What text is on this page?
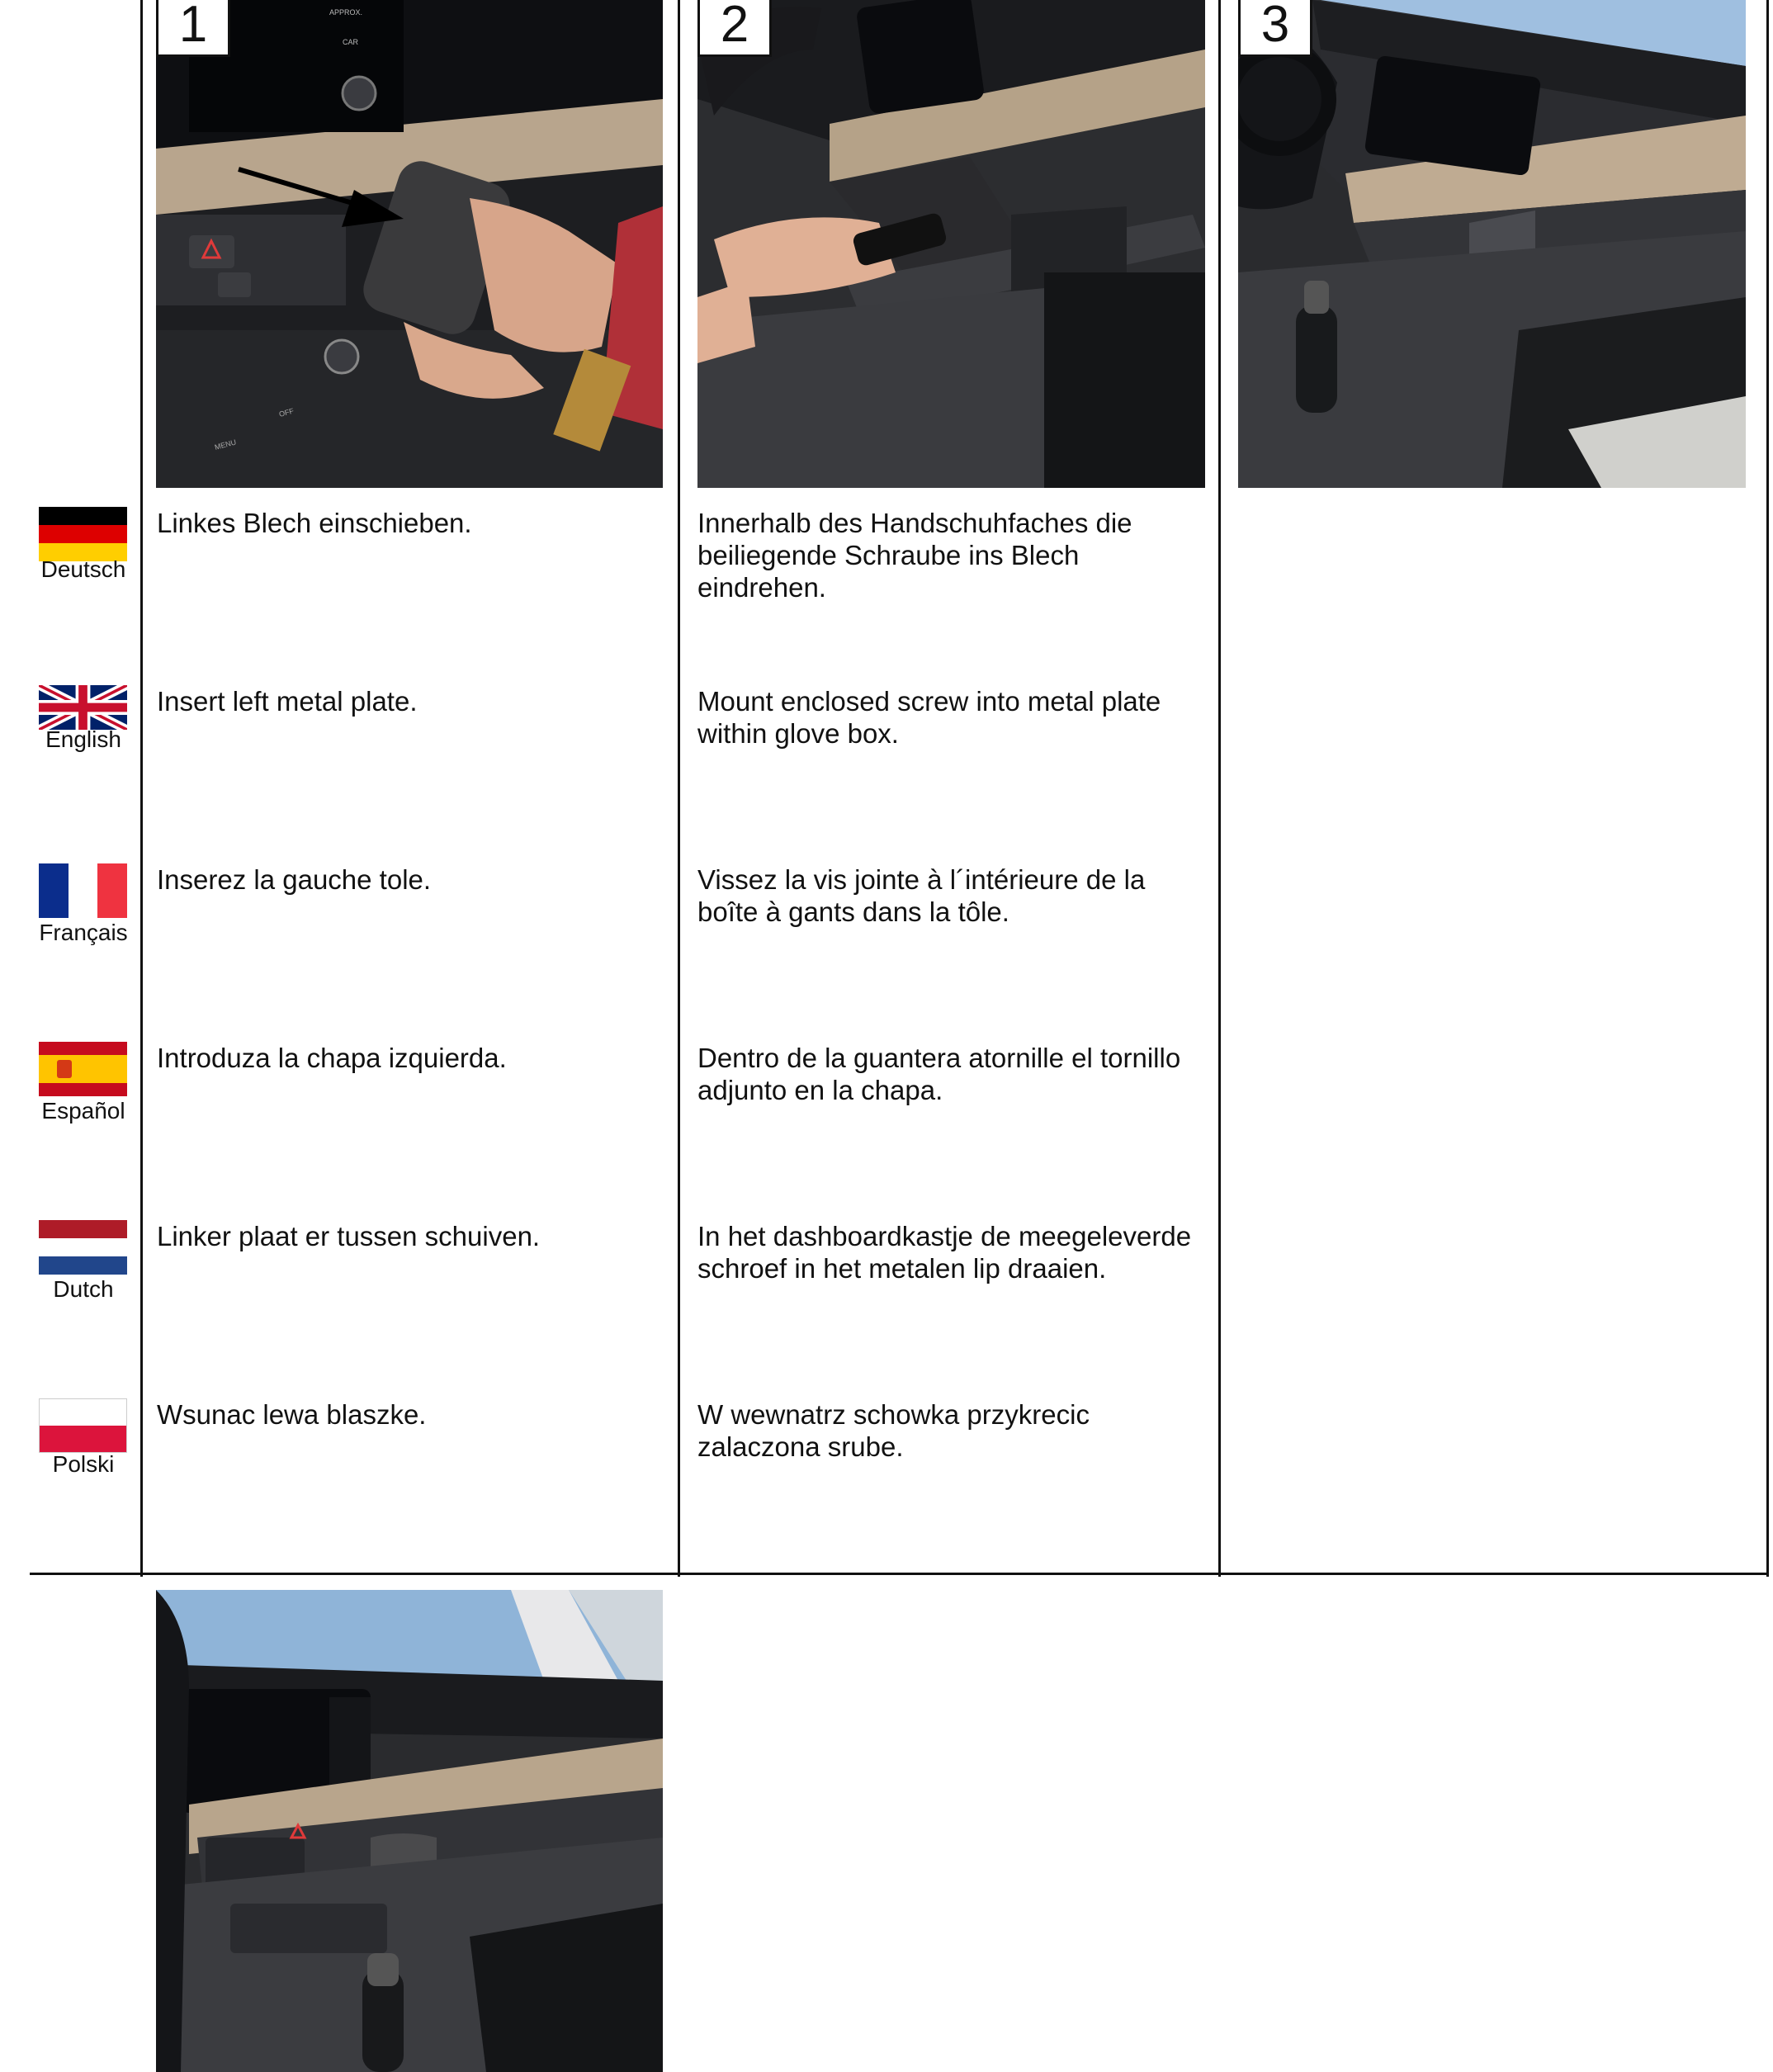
APPROX.
CAR
MENU
OFF
1	2	3
Deutsch
Linkes Blech einschieben.	Innerhalb des Handschuhfaches die beiliegende Schraube ins Blech eindrehen.
English
Insert left metal plate.	Mount enclosed screw into metal plate within glove box.
Français
Inserez la gauche tole.	Vissez la vis jointe à l´intérieure de la boîte à gants dans la tôle.
Español
Introduza la chapa izquierda.	Dentro de la guantera atornille el tornillo adjunto en la chapa.
Dutch
Linker plaat er tussen schuiven.	In het dashboardkastje de meegeleverde schroef in het metalen lip draaien.
Polski
Wsunac lewa blaszke.	W wewnatrz schowka przykrecic zalaczona srube.
